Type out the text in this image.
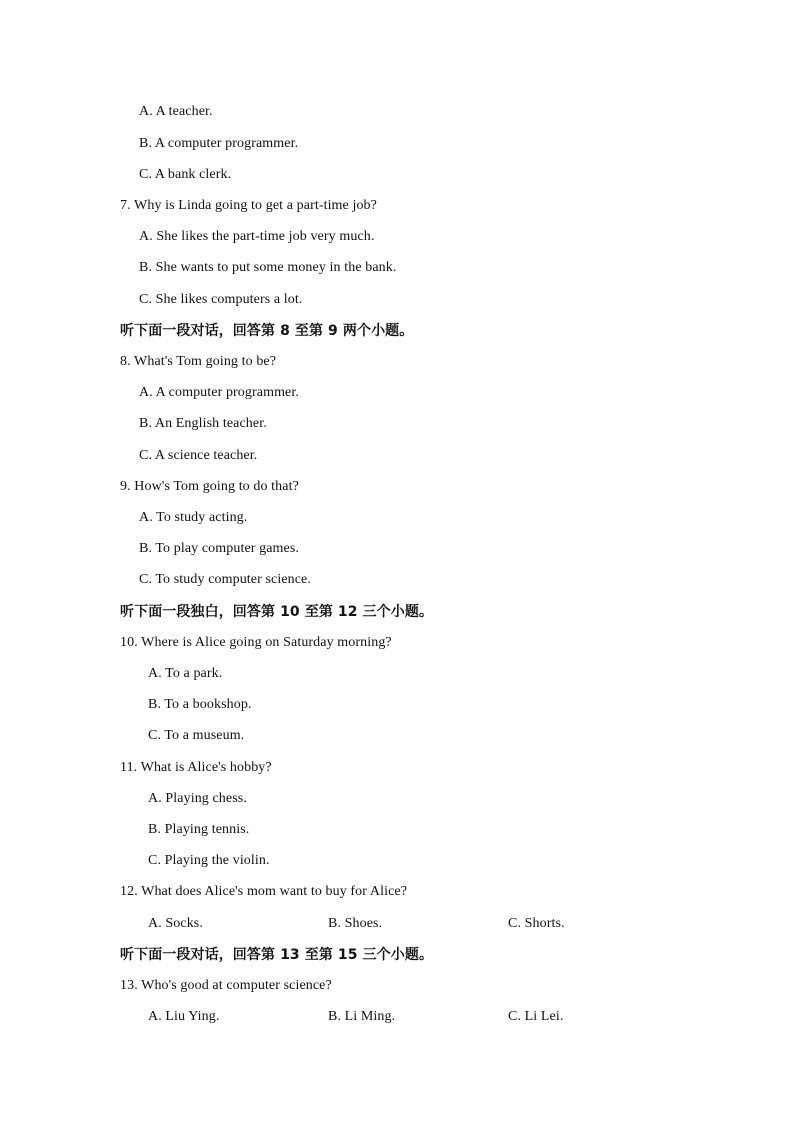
A. A teacher.
B. A computer programmer.
C. A bank clerk.
7. Why is Linda going to get a part-time job?
A. She likes the part-time job very much.
B. She wants to put some money in the bank.
C. She likes computers a lot.
听下面一段对话，回答第 8 至第 9 两个小题。
8. What's Tom going to be?
A. A computer programmer.
B. An English teacher.
C. A science teacher.
9. How's Tom going to do that?
A. To study acting.
B. To play computer games.
C. To study computer science.
听下面一段独白，回答第 10 至第 12 三个小题。
10. Where is Alice going on Saturday morning?
A. To a park.
B. To a bookshop.
C. To a museum.
11. What is Alice's hobby?
A. Playing chess.
B. Playing tennis.
C. Playing the violin.
12. What does Alice's mom want to buy for Alice?
A. Socks.	B. Shoes.	C. Shorts.
听下面一段对话，回答第 13 至第 15 三个小题。
13. Who's good at computer science?
A. Liu Ying.	B. Li Ming.	C. Li Lei.
